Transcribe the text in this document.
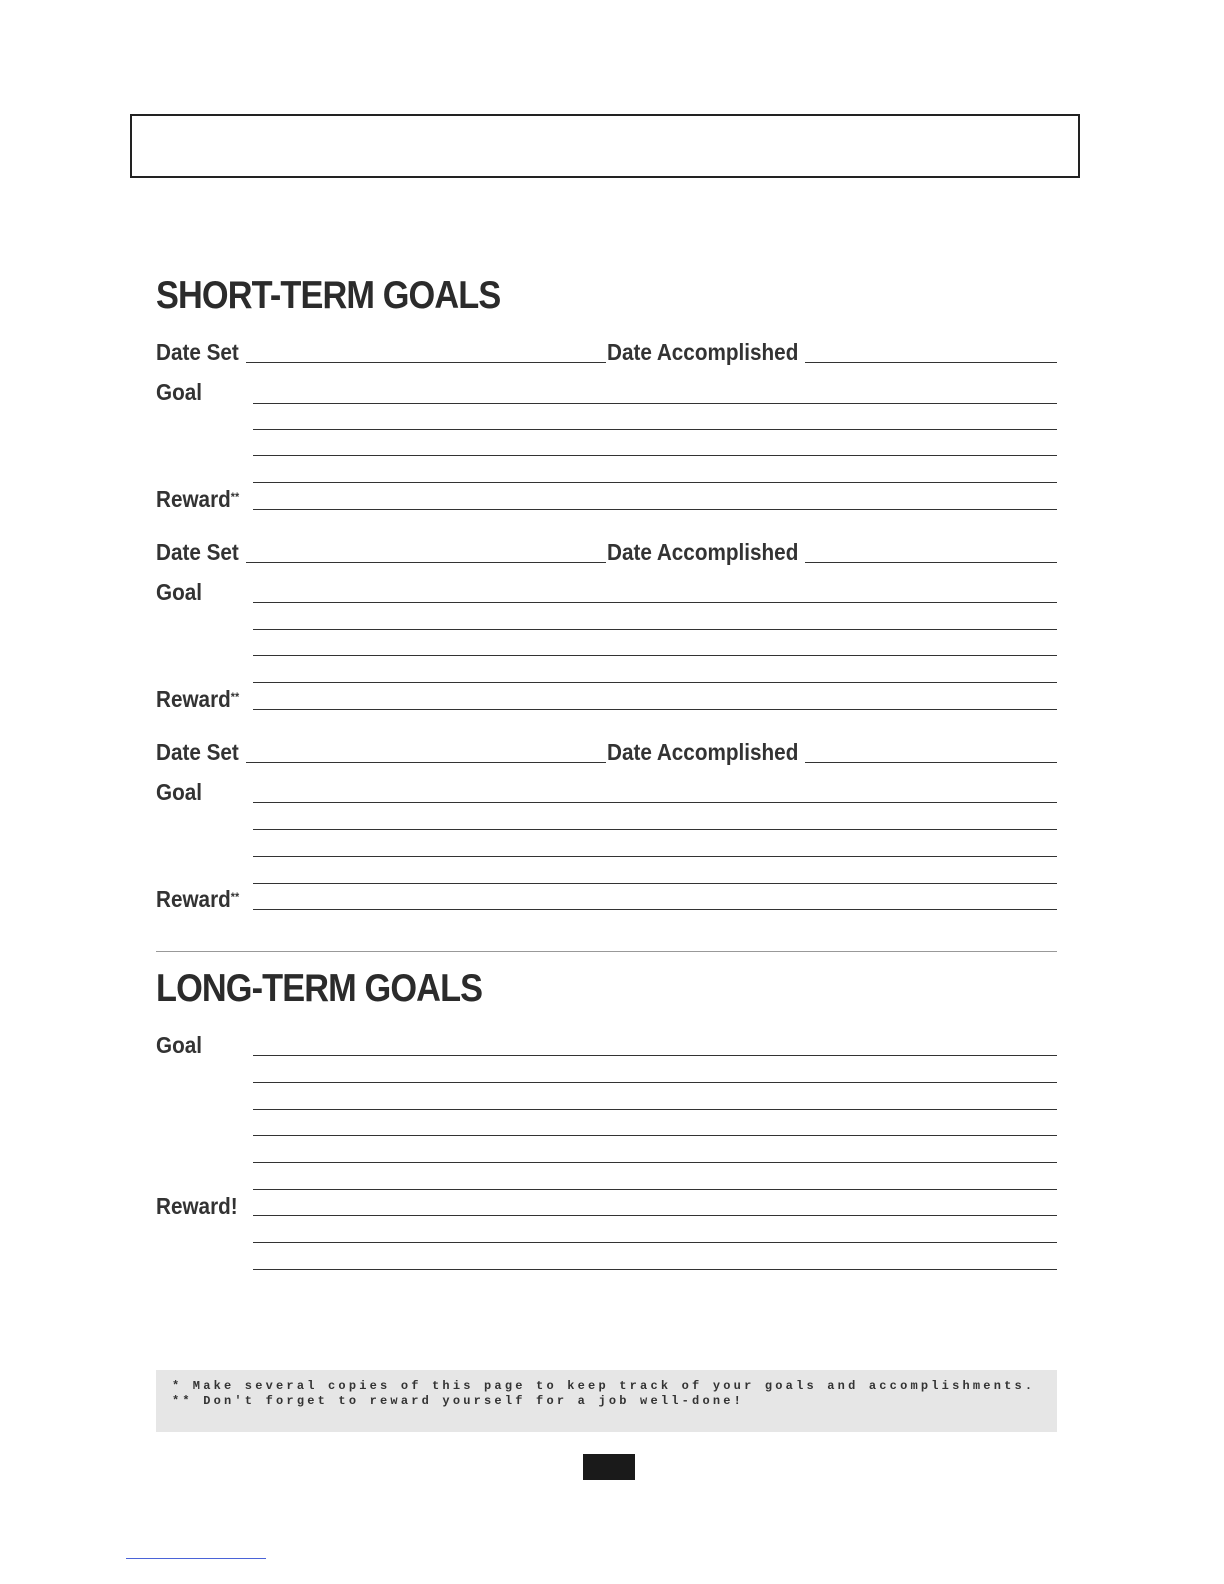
SHORT-TERM GOALS
Date Set	Date Accomplished
Goal
Reward**
Date Set	Date Accomplished
Goal
Reward**
Date Set	Date Accomplished
Goal
Reward**
LONG-TERM GOALS
Goal
Reward!
* Make several copies of this page to keep track of your goals and accomplishments.
** Don't forget to reward yourself for a job well-done!
